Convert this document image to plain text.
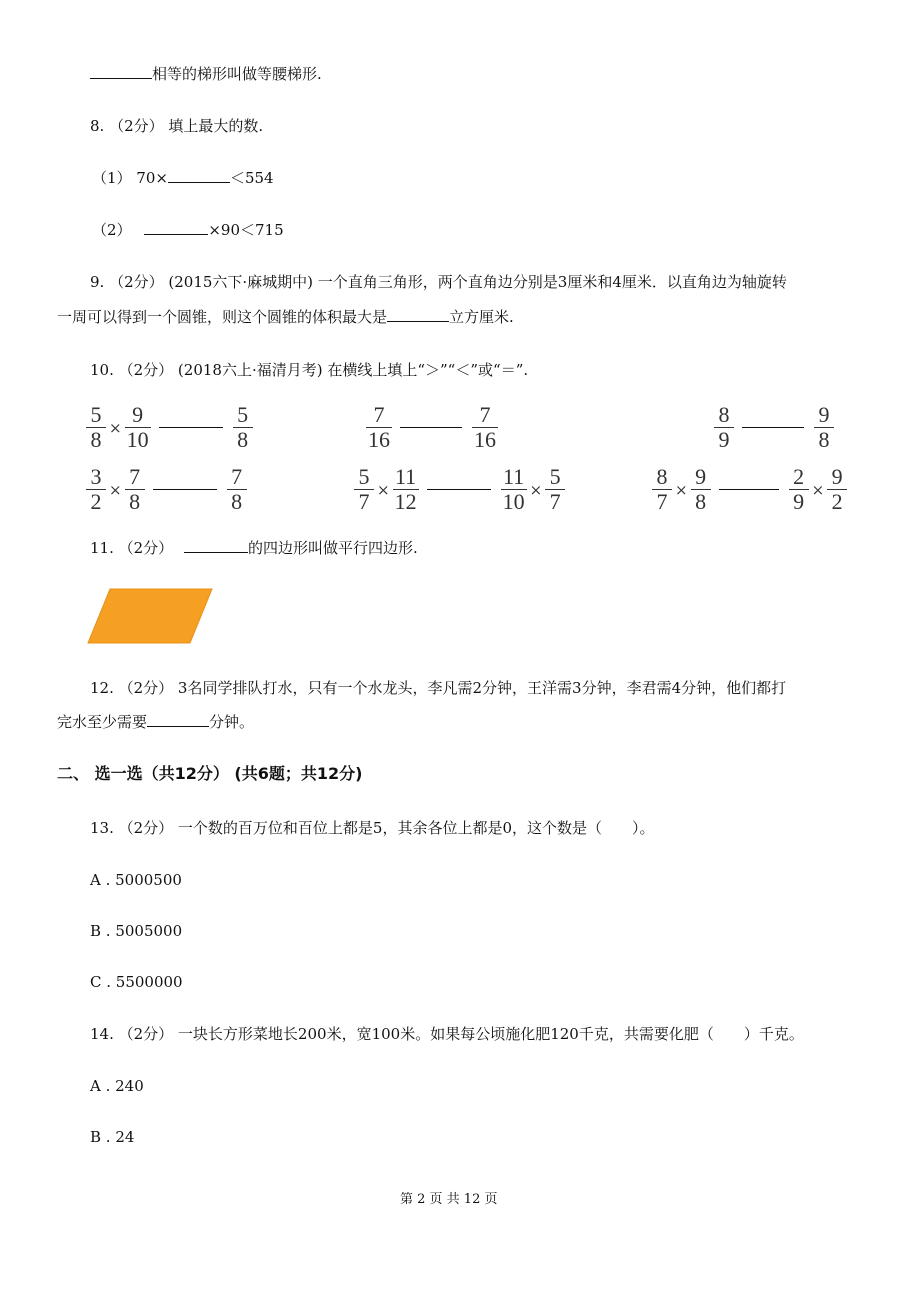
相等的梯形叫做等腰梯形.
8. （2分） 填上最大的数.
（1） 70×	＜554
（2）	×90＜715
9. （2分） (2015六下·麻城期中) 一个直角三角形，两个直角边分别是3厘米和4厘米．以直角边为轴旋转
一周可以得到一个圆锥，则这个圆锥的体积最大是	立方厘米.
10. （2分） (2018六上·福清月考) 在横线上填上“＞”“＜”或“＝”.
$\frac{5}{8} \times \frac{9}{10}$	$\frac{5}{8}$	$\frac{7}{16}$	$\frac{7}{16}$	$\frac{8}{9}$	$\frac{9}{8}$
$\frac{3}{2} \times \frac{7}{8}$	$\frac{7}{8}$	$\frac{5}{7} \times \frac{11}{12}$	$\frac{11}{10} \times \frac{5}{7}$	$\frac{8}{7} \times \frac{9}{8}$	$\frac{2}{9} \times \frac{9}{2}$
11. （2分）	的四边形叫做平行四边形.
12. （2分） 3名同学排队打水，只有一个水龙头，李凡需2分钟，王洋需3分钟，李君需4分钟，他们都打
完水至少需要	分钟。
二、 选一选（共12分） (共6题；共12分)
13. （2分） 一个数的百万位和百位上都是5，其余各位上都是0，这个数是（　　）。
A . 5000500
B . 5005000
C . 5500000
14. （2分） 一块长方形菜地长200米，宽100米。如果每公顷施化肥120千克，共需要化肥（　　）千克。
A . 240
B . 24
第 2 页 共 12 页
